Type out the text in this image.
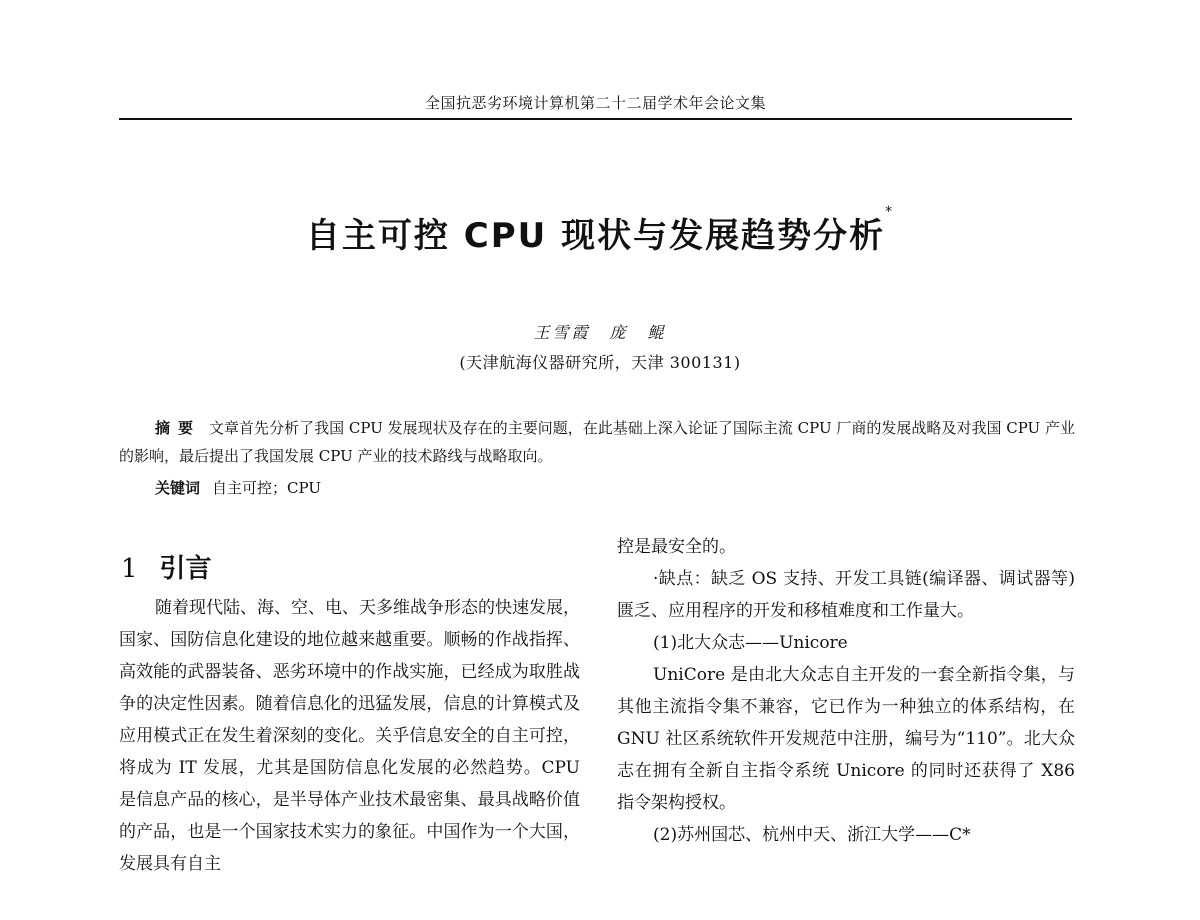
全国抗恶劣环境计算机第二十二届学术年会论文集
自主可控 CPU 现状与发展趋势分析*
王雪霞　庞　鲲
(天津航海仪器研究所，天津 300131)
摘要 文章首先分析了我国 CPU 发展现状及存在的主要问题，在此基础上深入论证了国际主流 CPU 厂商的发展战略及对我国 CPU 产业的影响，最后提出了我国发展 CPU 产业的技术路线与战略取向。
关键词 自主可控；CPU
1 引言

随着现代陆、海、空、电、天多维战争形态的快速发展，国家、国防信息化建设的地位越来越重要。顺畅的作战指挥、高效能的武器装备、恶劣环境中的作战实施，已经成为取胜战争的决定性因素。随着信息化的迅猛发展，信息的计算模式及应用模式正在发生着深刻的变化。关乎信息安全的自主可控，将成为 IT 发展，尤其是国防信息化发展的必然趋势。CPU 是信息产品的核心，是半导体产业技术最密集、最具战略价值的产品，也是一个国家技术实力的象征。中国作为一个大国，发展具有自主

控是最安全的。

·缺点：缺乏 OS 支持、开发工具链(编译器、调试器等)匮乏、应用程序的开发和移植难度和工作量大。

(1)北大众志——Unicore

UniCore 是由北大众志自主开发的一套全新指令集，与其他主流指令集不兼容，它已作为一种独立的体系结构，在 GNU 社区系统软件开发规范中注册，编号为“110”。北大众志在拥有全新自主指令系统 Unicore 的同时还获得了 X86 指令架构授权。

(2)苏州国芯、杭州中天、浙江大学——C*
